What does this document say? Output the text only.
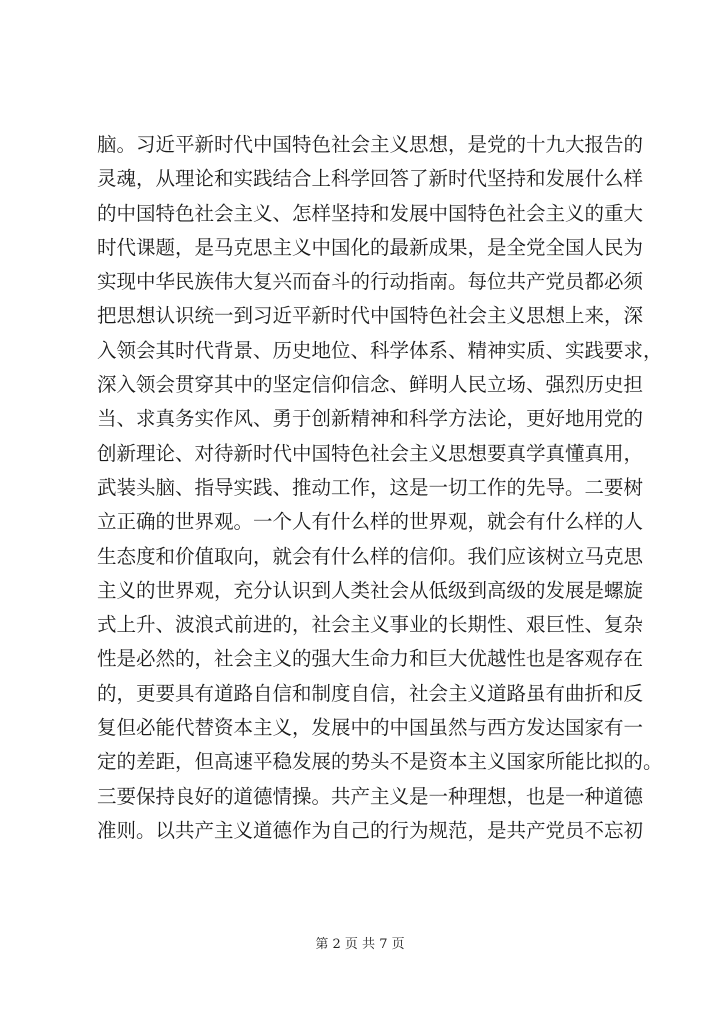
脑。习近平新时代中国特色社会主义思想，是党的十九大报告的
灵魂，从理论和实践结合上科学回答了新时代坚持和发展什么样
的中国特色社会主义、怎样坚持和发展中国特色社会主义的重大
时代课题，是马克思主义中国化的最新成果，是全党全国人民为
实现中华民族伟大复兴而奋斗的行动指南。每位共产党员都必须
把思想认识统一到习近平新时代中国特色社会主义思想上来，深
入领会其时代背景、历史地位、科学体系、精神实质、实践要求，
深入领会贯穿其中的坚定信仰信念、鲜明人民立场、强烈历史担
当、求真务实作风、勇于创新精神和科学方法论，更好地用党的
创新理论、对待新时代中国特色社会主义思想要真学真懂真用，
武装头脑、指导实践、推动工作，这是一切工作的先导。二要树
立正确的世界观。一个人有什么样的世界观，就会有什么样的人
生态度和价值取向，就会有什么样的信仰。我们应该树立马克思
主义的世界观，充分认识到人类社会从低级到高级的发展是螺旋
式上升、波浪式前进的，社会主义事业的长期性、艰巨性、复杂
性是必然的，社会主义的强大生命力和巨大优越性也是客观存在
的，更要具有道路自信和制度自信，社会主义道路虽有曲折和反
复但必能代替资本主义，发展中的中国虽然与西方发达国家有一
定的差距，但高速平稳发展的势头不是资本主义国家所能比拟的。
三要保持良好的道德情操。共产主义是一种理想，也是一种道德
准则。以共产主义道德作为自己的行为规范，是共产党员不忘初
第 2 页 共 7 页
